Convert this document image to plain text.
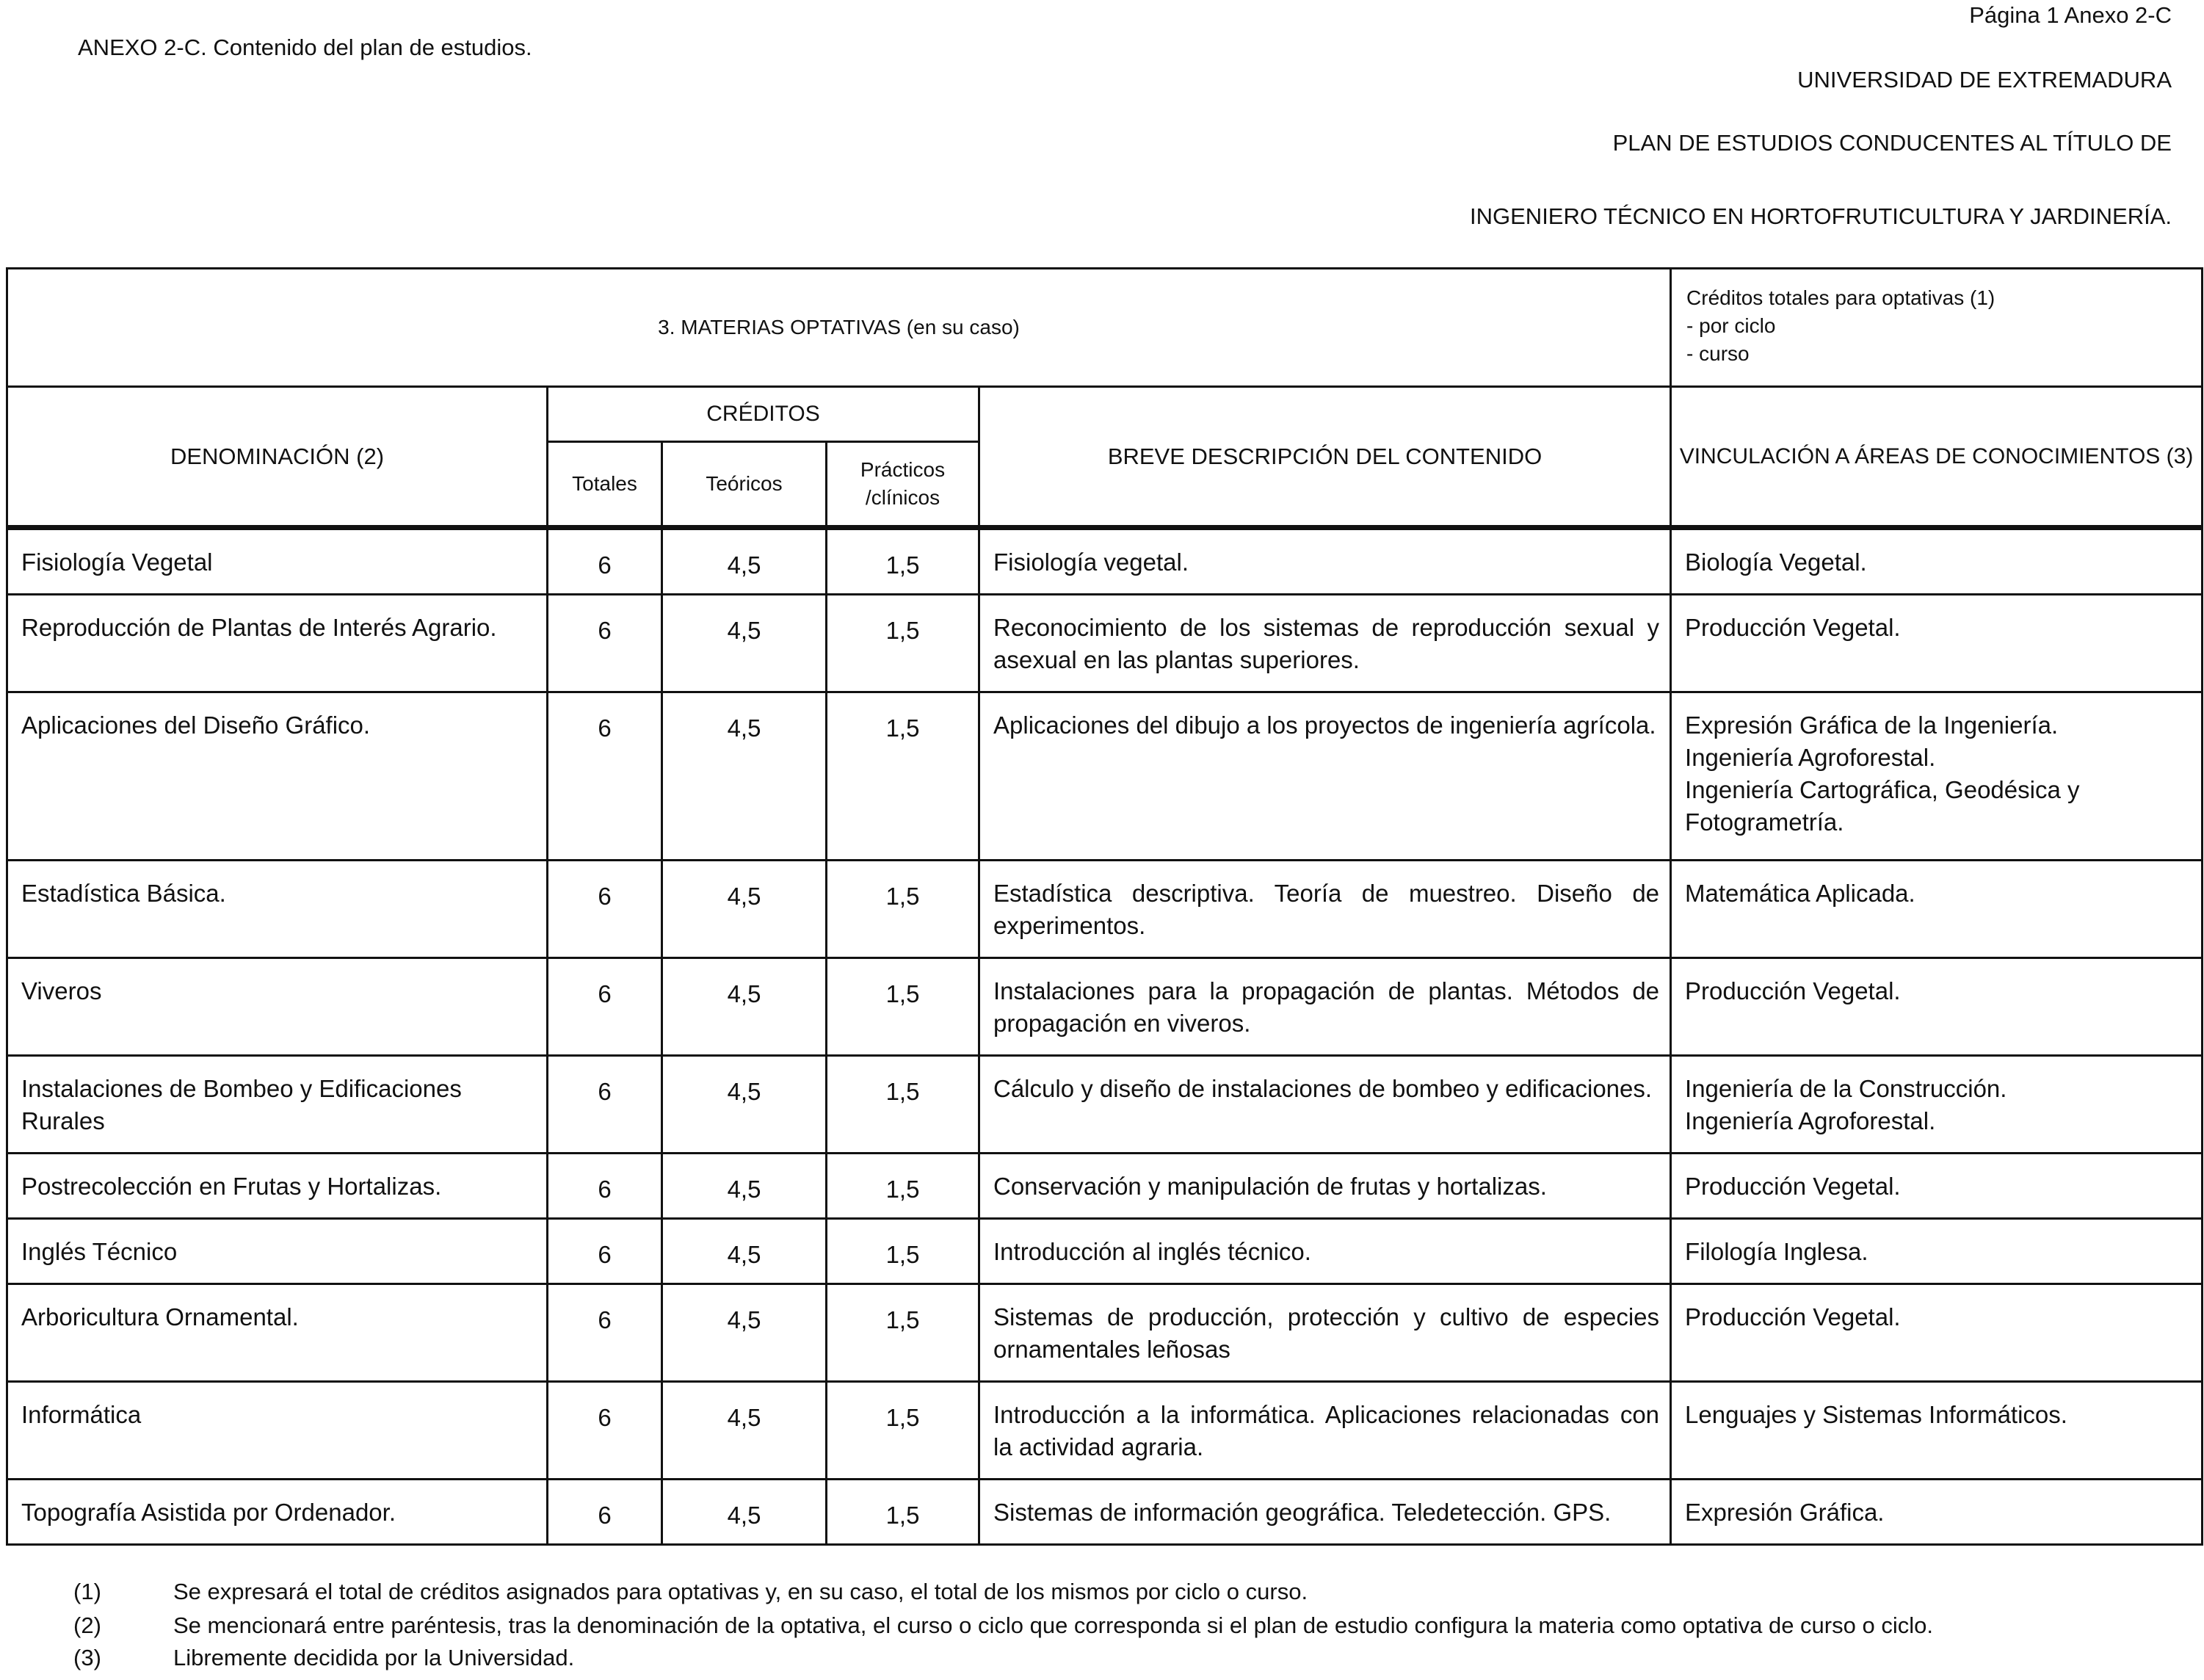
ANEXO 2-C. Contenido del plan de estudios.
Página 1 Anexo 2-C
UNIVERSIDAD DE EXTREMADURA
PLAN DE ESTUDIOS CONDUCENTES AL TÍTULO DE
INGENIERO TÉCNICO EN HORTOFRUTICULTURA Y JARDINERÍA.
3. MATERIAS OPTATIVAS (en su caso)					Créditos totales para optativas (1)
- por ciclo
- curso

DENOMINACIÓN (2)	CRÉDITOS			BREVE DESCRIPCIÓN DEL CONTENIDO	VINCULACIÓN A ÁREAS DE CONOCIMIENTOS (3)
	Totales	Teóricos	Prácticos /clínicos		
Fisiología Vegetal	6	4,5	1,5	Fisiología vegetal.	Biología Vegetal.

Reproducción de Plantas de Interés Agrario.	6	4,5	1,5	Reconocimiento de los sistemas de reproducción sexual y asexual en las plantas superiores.	Producción Vegetal.

Aplicaciones del Diseño Gráfico.	6	4,5	1,5	Aplicaciones del dibujo a los proyectos de ingeniería agrícola.	Expresión Gráfica de la Ingeniería.
Ingeniería Agroforestal.
Ingeniería Cartográfica, Geodésica y
Fotogrametría.

Estadística Básica.	6	4,5	1,5	Estadística descriptiva. Teoría de muestreo. Diseño de experimentos.	Matemática Aplicada.

Viveros	6	4,5	1,5	Instalaciones para la propagación de plantas. Métodos de propagación en viveros.	Producción Vegetal.

Instalaciones de Bombeo y Edificaciones Rurales	6	4,5	1,5	Cálculo y diseño de instalaciones de bombeo y edificaciones.	Ingeniería de la Construcción.
Ingeniería Agroforestal.

Postrecolección en Frutas y Hortalizas.	6	4,5	1,5	Conservación y manipulación de frutas y hortalizas.	Producción Vegetal.

Inglés Técnico	6	4,5	1,5	Introducción al inglés técnico.	Filología Inglesa.

Arboricultura Ornamental.	6	4,5	1,5	Sistemas de producción, protección y cultivo de especies ornamentales leñosas	Producción Vegetal.

Informática	6	4,5	1,5	Introducción a la informática. Aplicaciones relacionadas con la actividad agraria.	Lenguajes y Sistemas Informáticos.

Topografía Asistida por Ordenador.	6	4,5	1,5	Sistemas de información geográfica. Teledetección. GPS.	Expresión Gráfica.
(1)	Se expresará el total de créditos asignados para optativas y, en su caso, el total de los mismos por ciclo o curso.
(2)	Se mencionará entre paréntesis, tras la denominación de la optativa, el curso o ciclo que corresponda si el plan de estudio configura la materia como optativa de curso o ciclo.
(3)	Libremente decidida por la Universidad.
